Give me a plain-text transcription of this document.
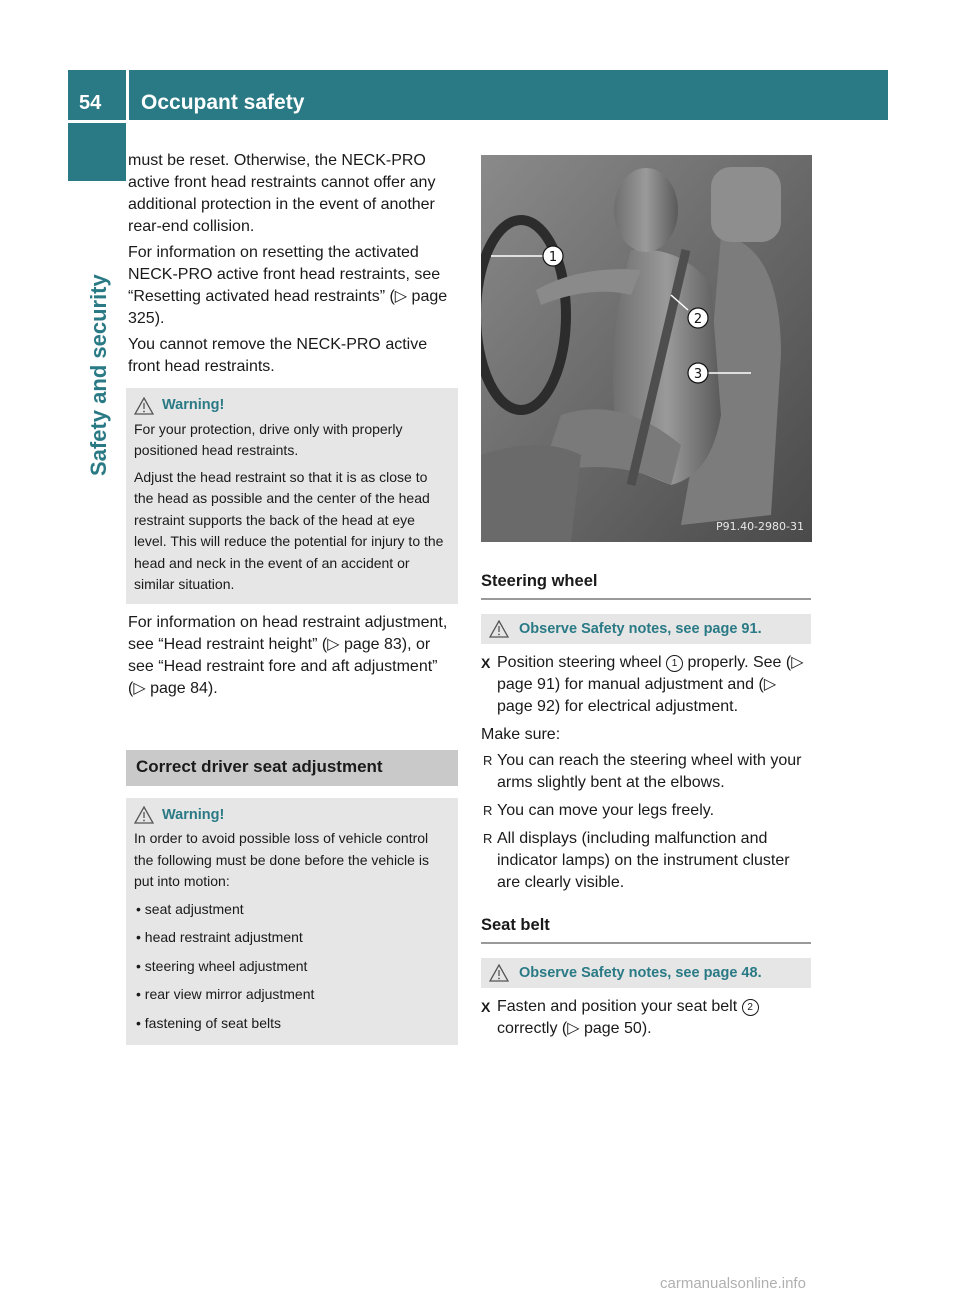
54	Occupant safety
Safety and security

must be reset. Otherwise, the NECK-PRO active front head restraints cannot offer any additional protection in the event of another rear-end collision.

For information on resetting the activated NECK-PRO active front head restraints, see “Resetting activated head restraints” (▷ page 325).

You cannot remove the NECK-PRO active front head restraints.

Warning!

For your protection, drive only with properly positioned head restraints.

Adjust the head restraint so that it is as close to the head as possible and the center of the head restraint supports the back of the head at eye level. This will reduce the potential for injury to the head and neck in the event of an accident or similar situation.

For information on head restraint adjustment, see “Head restraint height” (▷ page 83), or see “Head restraint fore and aft adjustment” (▷ page 84).

Correct driver seat adjustment
Warning!

In order to avoid possible loss of vehicle control the following must be done before the vehicle is put into motion:

• seat adjustment
• head restraint adjustment
• steering wheel adjustment
• rear view mirror adjustment
• fastening of seat belts
1
2
3
P91.40-2980-31
Steering wheel
Observe Safety notes, see page 91.
X Position steering wheel 1 properly. See (▷ page 91) for manual adjustment and (▷ page 92) for electrical adjustment.

Make sure:

R You can reach the steering wheel with your arms slightly bent at the elbows.
R You can move your legs freely.
R All displays (including malfunction and indicator lamps) on the instrument cluster are clearly visible.
Seat belt
Observe Safety notes, see page 48.
X Fasten and position your seat belt 2 correctly (▷ page 50).
carmanualsonline.info
